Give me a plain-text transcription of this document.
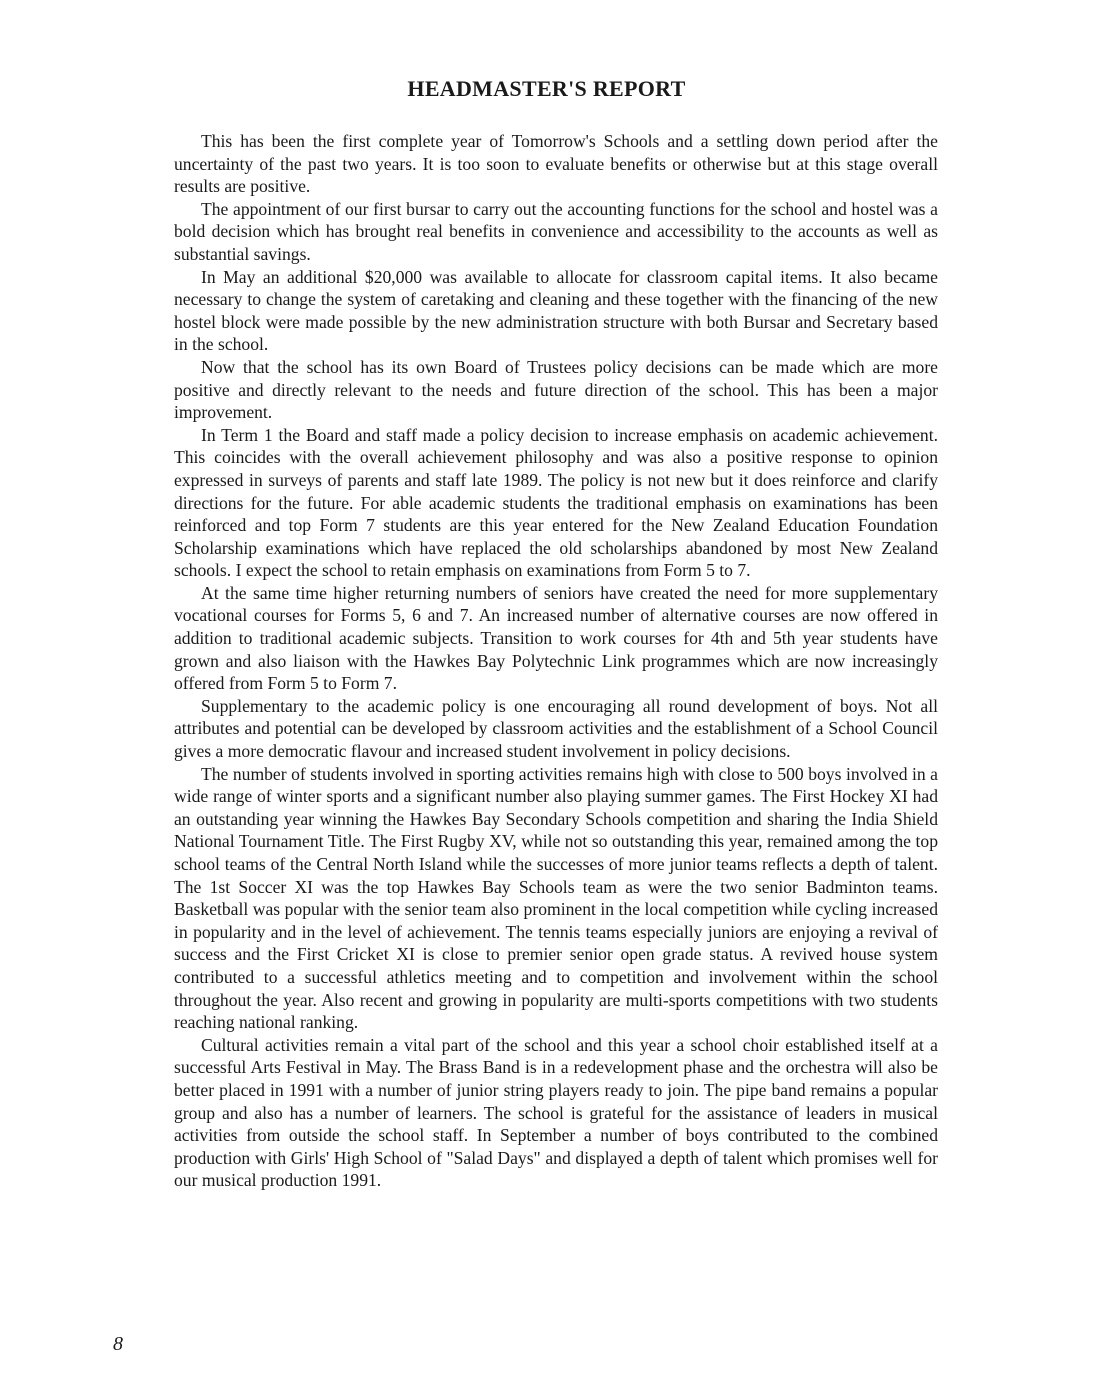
HEADMASTER'S REPORT

This has been the first complete year of Tomorrow's Schools and a settling down period after the uncertainty of the past two years. It is too soon to evaluate benefits or otherwise but at this stage overall results are positive.

The appointment of our first bursar to carry out the accounting functions for the school and hostel was a bold decision which has brought real benefits in convenience and accessibility to the accounts as well as substantial savings.

In May an additional $20,000 was available to allocate for classroom capital items. It also became necessary to change the system of caretaking and cleaning and these together with the financing of the new hostel block were made possible by the new administration structure with both Bursar and Secretary based in the school.

Now that the school has its own Board of Trustees policy decisions can be made which are more positive and directly relevant to the needs and future direction of the school. This has been a major improvement.

In Term 1 the Board and staff made a policy decision to increase emphasis on academic achievement. This coincides with the overall achievement philosophy and was also a positive response to opinion expressed in surveys of parents and staff late 1989. The policy is not new but it does reinforce and clarify directions for the future. For able academic students the traditional emphasis on examinations has been reinforced and top Form 7 students are this year entered for the New Zealand Education Foundation Scholarship examinations which have replaced the old scholarships abandoned by most New Zealand schools. I expect the school to retain emphasis on examinations from Form 5 to 7.

At the same time higher returning numbers of seniors have created the need for more supplementary vocational courses for Forms 5, 6 and 7. An increased number of alternative courses are now offered in addition to traditional academic subjects. Transition to work courses for 4th and 5th year students have grown and also liaison with the Hawkes Bay Polytechnic Link programmes which are now increasingly offered from Form 5 to Form 7.

Supplementary to the academic policy is one encouraging all round development of boys. Not all attributes and potential can be developed by classroom activities and the establishment of a School Council gives a more democratic flavour and increased student involvement in policy decisions.

The number of students involved in sporting activities remains high with close to 500 boys involved in a wide range of winter sports and a significant number also playing summer games. The First Hockey XI had an outstanding year winning the Hawkes Bay Secondary Schools competition and sharing the India Shield National Tournament Title. The First Rugby XV, while not so outstanding this year, remained among the top school teams of the Central North Island while the successes of more junior teams reflects a depth of talent. The 1st Soccer XI was the top Hawkes Bay Schools team as were the two senior Badminton teams. Basketball was popular with the senior team also prominent in the local competition while cycling increased in popularity and in the level of achievement. The tennis teams especially juniors are enjoying a revival of success and the First Cricket XI is close to premier senior open grade status. A revived house system contributed to a successful athletics meeting and to competition and involvement within the school throughout the year. Also recent and growing in popularity are multi-sports competitions with two students reaching national ranking.

Cultural activities remain a vital part of the school and this year a school choir established itself at a successful Arts Festival in May. The Brass Band is in a redevelopment phase and the orchestra will also be better placed in 1991 with a number of junior string players ready to join. The pipe band remains a popular group and also has a number of learners. The school is grateful for the assistance of leaders in musical activities from outside the school staff. In September a number of boys contributed to the combined production with Girls' High School of "Salad Days" and displayed a depth of talent which promises well for our musical production 1991.

8
